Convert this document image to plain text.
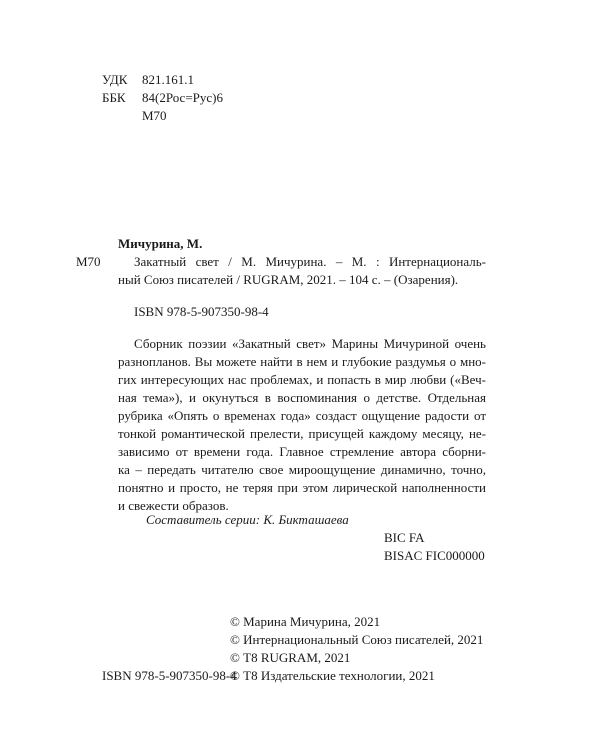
УДК 821.161.1
ББК 84(2Рос=Рус)6
М70
Мичурина, М.
М70	Закатный свет / М. Мичурина. – М. : Интернациональ-
ный Союз писателей / RUGRAM, 2021. – 104 с. – (Озарения).
ISBN 978-5-907350-98-4
Сборник поэзии «Закатный свет» Марины Мичуриной очень
разнопланов. Вы можете найти в нем и глубокие раздумья о мно-
гих интересующих нас проблемах, и попасть в мир любви («Веч-
ная тема»), и окунуться в воспоминания о детстве. Отдельная
рубрика «Опять о временах года» создаст ощущение радости от
тонкой романтической прелести, присущей каждому месяцу, не-
зависимо от времени года. Главное стремление автора сборни-
ка – передать читателю свое мироощущение динамично, точно,
понятно и просто, не теряя при этом лирической наполненности
и свежести образов.
Составитель серии: К. Бикташаева
BIC FA
BISAC FIC000000
© Марина Мичурина, 2021
© Интернациональный Союз писателей, 2021
© Т8 RUGRAM, 2021
ISBN 978-5-907350-98-4
© Т8 Издательские технологии, 2021
